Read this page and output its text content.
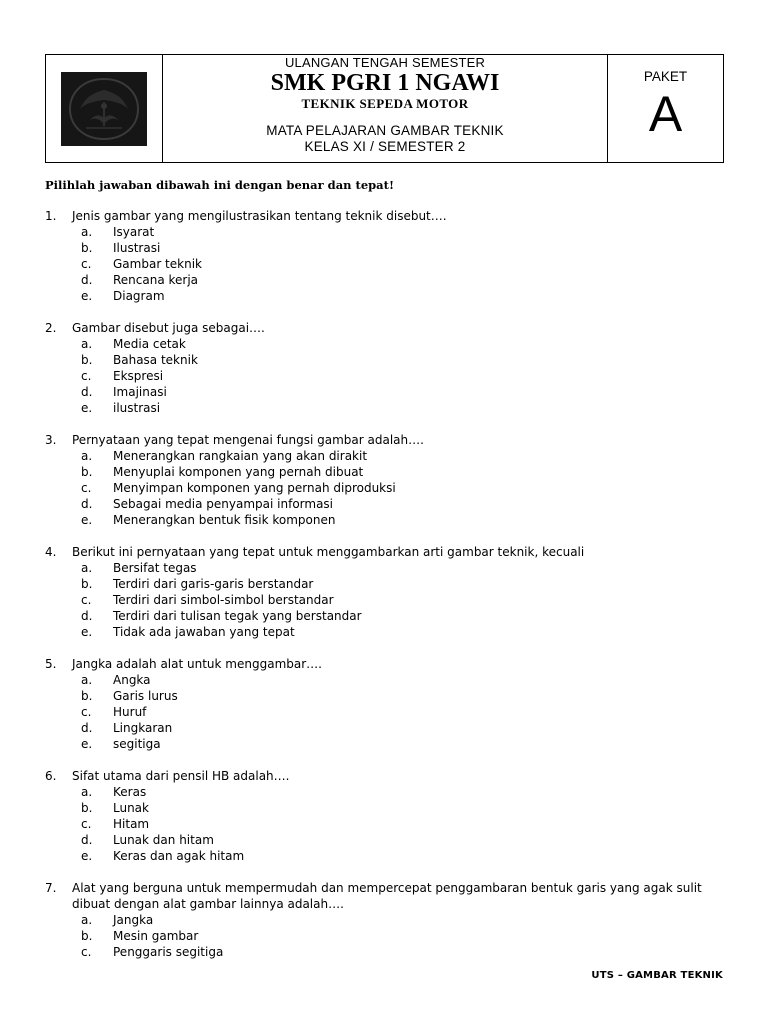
ULANGAN TENGAH SEMESTER
SMK PGRI 1 NGAWI
TEKNIK SEPEDA MOTOR
MATA PELAJARAN GAMBAR TEKNIK
KELAS XI / SEMESTER 2
PAKET
A
Pilihlah jawaban dibawah ini dengan benar dan tepat!
1.	Jenis gambar yang mengilustrasikan tentang teknik disebut….
a.	Isyarat
b.	Ilustrasi
c.	Gambar teknik
d.	Rencana kerja
e.	Diagram
2.	Gambar disebut juga sebagai….
a.	Media cetak
b.	Bahasa teknik
c.	Ekspresi
d.	Imajinasi
e.	ilustrasi
3.	Pernyataan yang tepat mengenai fungsi gambar adalah….
a.	Menerangkan rangkaian yang akan dirakit
b.	Menyuplai komponen yang pernah dibuat
c.	Menyimpan komponen yang pernah diproduksi
d.	Sebagai media penyampai informasi
e.	Menerangkan bentuk fisik komponen
4.	Berikut ini pernyataan yang tepat untuk menggambarkan arti gambar teknik, kecuali
a.	Bersifat tegas
b.	Terdiri dari garis-garis berstandar
c.	Terdiri dari simbol-simbol berstandar
d.	Terdiri dari tulisan tegak yang berstandar
e.	Tidak ada jawaban yang tepat
5.	Jangka adalah alat untuk menggambar….
a.	Angka
b.	Garis lurus
c.	Huruf
d.	Lingkaran
e.	segitiga
6.	Sifat utama dari pensil HB adalah….
a.	Keras
b.	Lunak
c.	Hitam
d.	Lunak dan hitam
e.	Keras dan agak hitam
7.	Alat yang berguna untuk mempermudah dan mempercepat penggambaran bentuk garis yang agak sulit dibuat dengan alat gambar lainnya adalah….
a.	Jangka
b.	Mesin gambar
c.	Penggaris segitiga
UTS – GAMBAR TEKNIK
